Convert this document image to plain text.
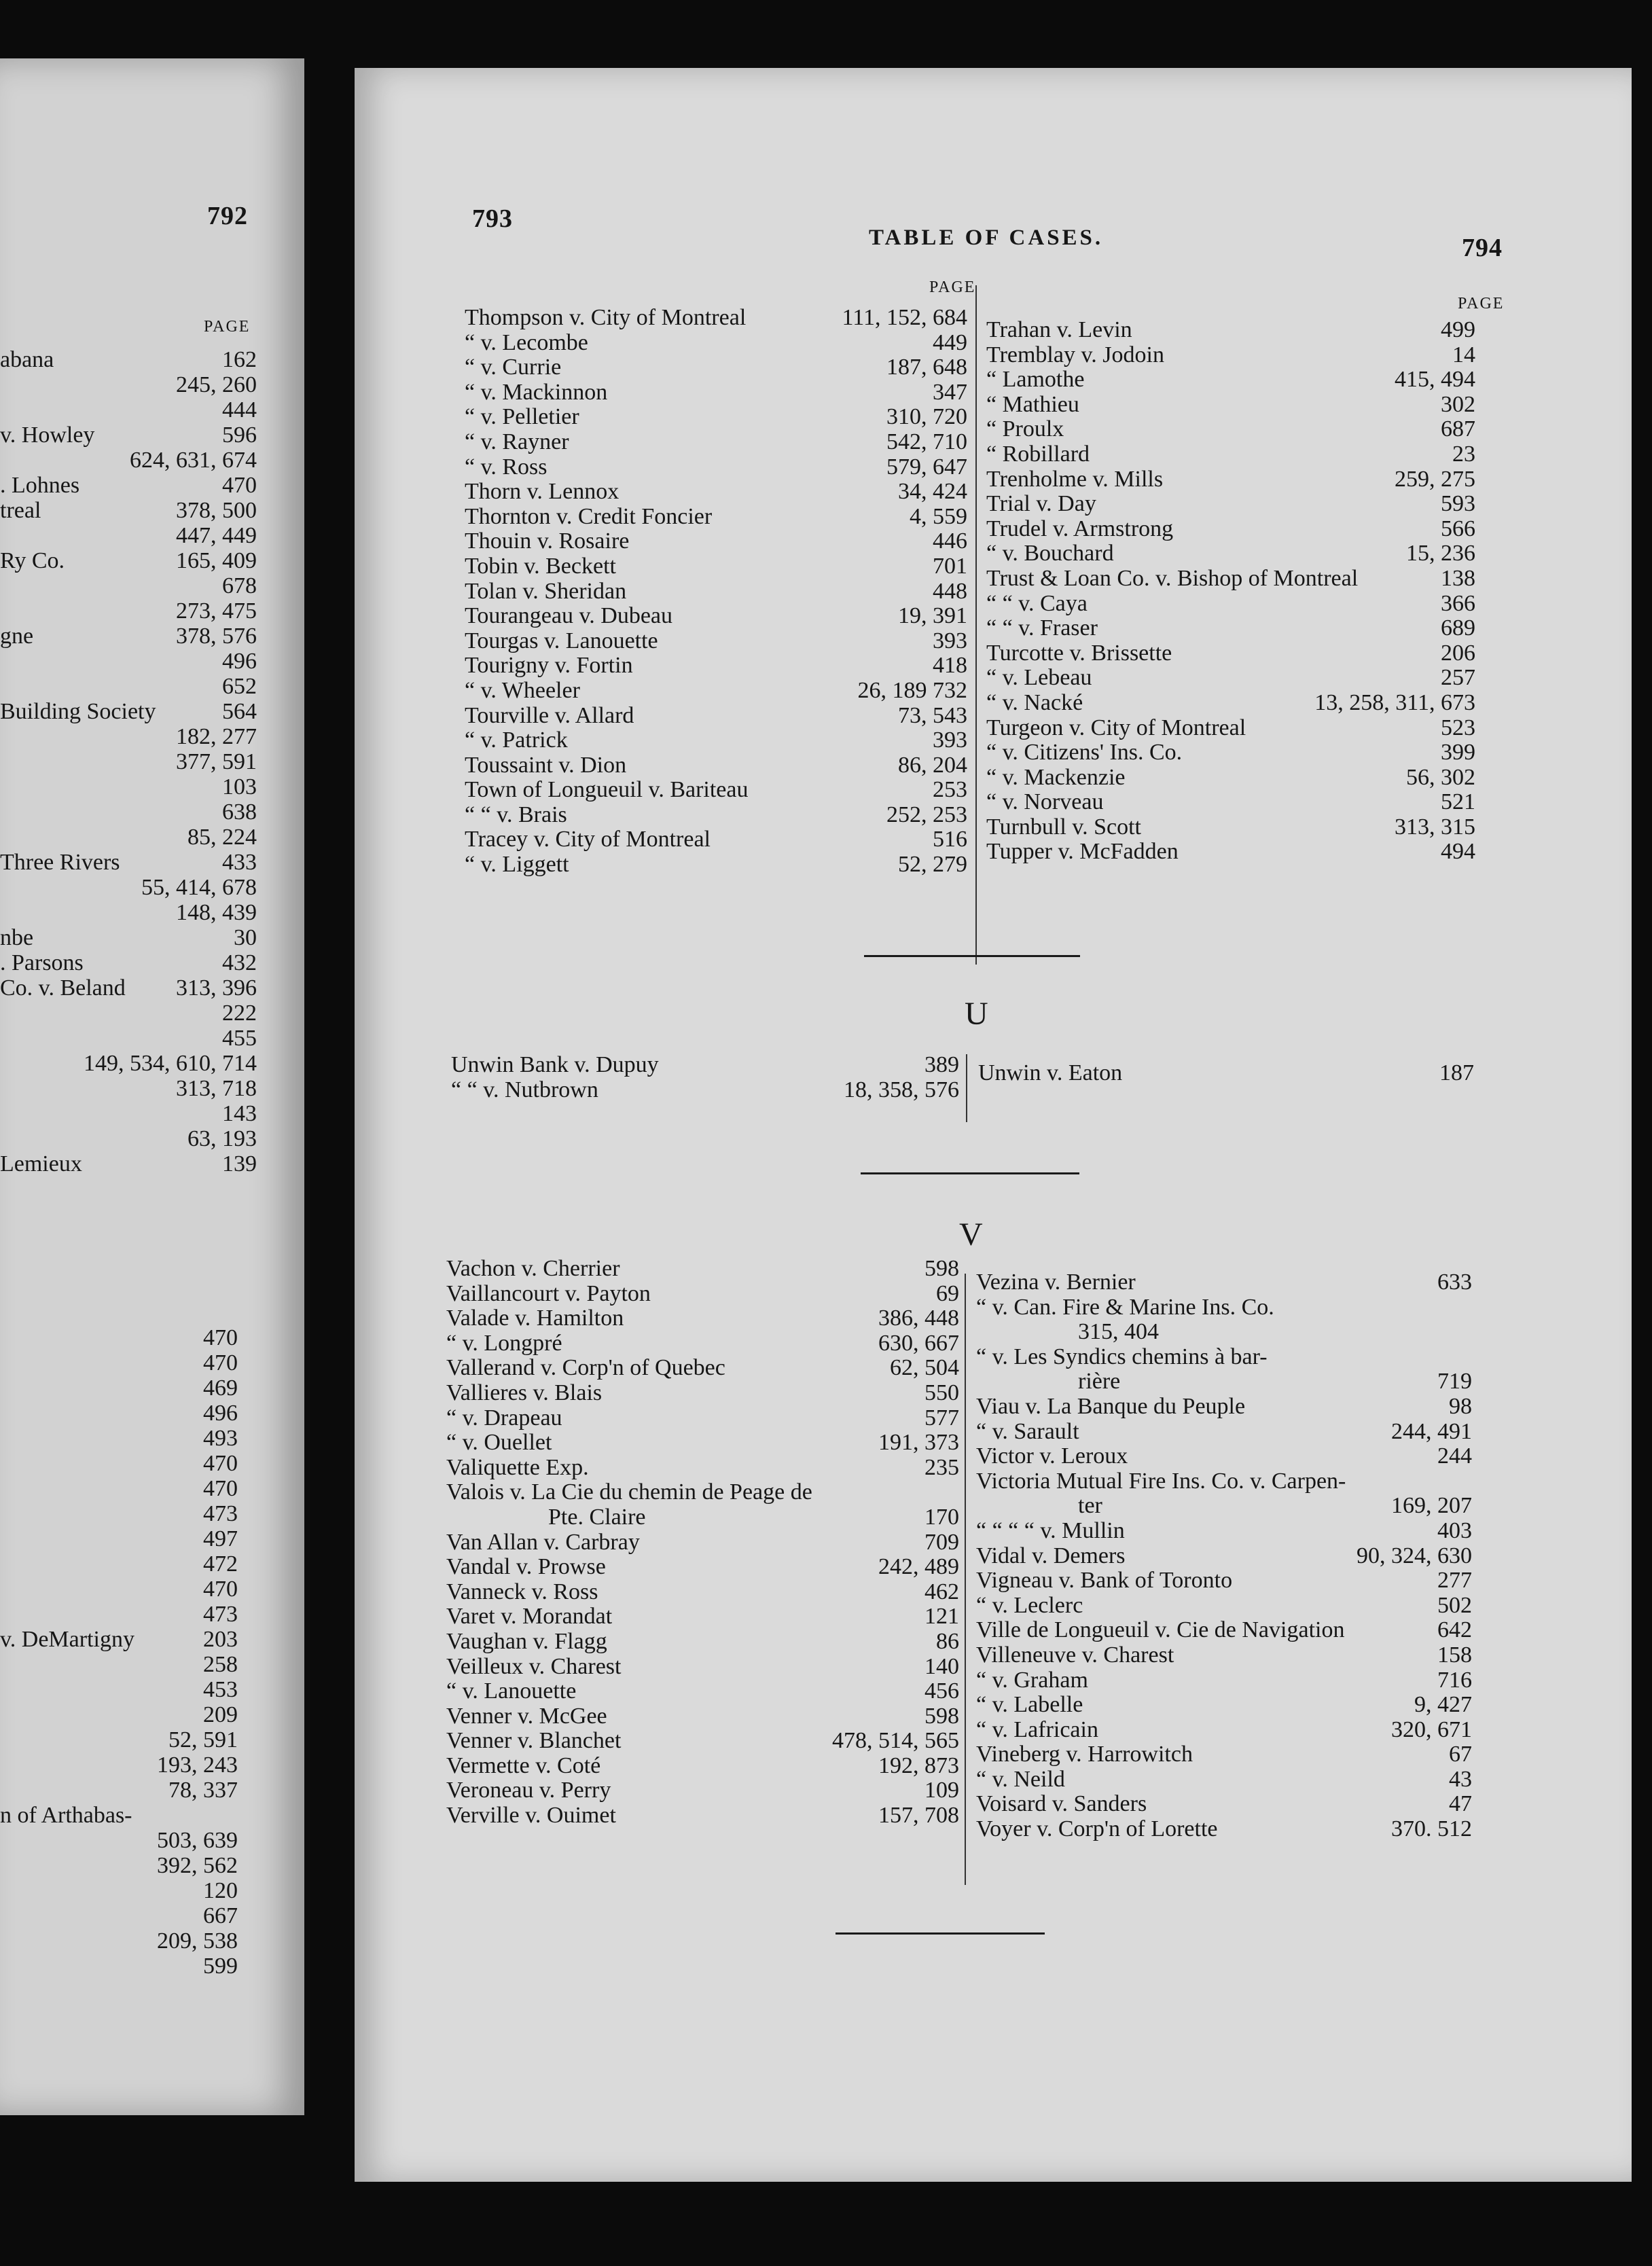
792
PAGE
abana	162
245, 260
444
v. Howley	596
624, 631, 674
. Lohnes	470
treal	378, 500
447, 449
Ry Co.	165, 409
678
273, 475
gne	378, 576
496
652
Building Society	564
182, 277
377, 591
103
638
85, 224
Three Rivers	433
55, 414, 678
148, 439
nbe	30
. Parsons	432
Co. v. Beland	313, 396
222
455
149, 534, 610, 714
313, 718
143
63, 193
Lemieux	139
470
470
469
496
493
470
470
473
497
472
470
473
v. DeMartigny	203
258
453
209
52, 591
193, 243
78, 337
n of Arthabas-
503, 639
392, 562
120
667
209, 538
599
793
TABLE OF CASES.	794
PAGE
PAGE
Thompson v. City of Montreal	111, 152, 684
“ v. Lecombe	449
“ v. Currie	187, 648
“ v. Mackinnon	347
“ v. Pelletier	310, 720
“ v. Rayner	542, 710
“ v. Ross	579, 647
Thorn v. Lennox	34, 424
Thornton v. Credit Foncier	4, 559
Thouin v. Rosaire	446
Tobin v. Beckett	701
Tolan v. Sheridan	448
Tourangeau v. Dubeau	19, 391
Tourgas v. Lanouette	393
Tourigny v. Fortin	418
“ v. Wheeler	26, 189 732
Tourville v. Allard	73, 543
“ v. Patrick	393
Toussaint v. Dion	86, 204
Town of Longueuil v. Bariteau	253
“ “ v. Brais	252, 253
Tracey v. City of Montreal	516
“ v. Liggett	52, 279
Trahan v. Levin	499
Tremblay v. Jodoin	14
“ Lamothe	415, 494
“ Mathieu	302
“ Proulx	687
“ Robillard	23
Trenholme v. Mills	259, 275
Trial v. Day	593
Trudel v. Armstrong	566
“ v. Bouchard	15, 236
Trust & Loan Co. v. Bishop of Montreal	138
“ “ v. Caya	366
“ “ v. Fraser	689
Turcotte v. Brissette	206
“ v. Lebeau	257
“ v. Nacké	13, 258, 311, 673
Turgeon v. City of Montreal	523
“ v. Citizens' Ins. Co.	399
“ v. Mackenzie	56, 302
“ v. Norveau	521
Turnbull v. Scott	313, 315
Tupper v. McFadden	494
U
Unwin Bank v. Dupuy	389
“ “ v. Nutbrown	18, 358, 576
Unwin v. Eaton	187
V
Vachon v. Cherrier	598
Vaillancourt v. Payton	69
Valade v. Hamilton	386, 448
“ v. Longpré	630, 667
Vallerand v. Corp'n of Quebec	62, 504
Vallieres v. Blais	550
“ v. Drapeau	577
“ v. Ouellet	191, 373
Valiquette Exp.	235
Valois v. La Cie du chemin de Peage de
Pte. Claire	170
Van Allan v. Carbray	709
Vandal v. Prowse	242, 489
Vanneck v. Ross	462
Varet v. Morandat	121
Vaughan v. Flagg	86
Veilleux v. Charest	140
“ v. Lanouette	456
Venner v. McGee	598
Venner v. Blanchet	478, 514, 565
Vermette v. Coté	192, 873
Veroneau v. Perry	109
Verville v. Ouimet	157, 708
Vezina v. Bernier	633
“ v. Can. Fire & Marine Ins. Co.
315, 404
“ v. Les Syndics chemins à bar-
rière	719
Viau v. La Banque du Peuple	98
“ v. Sarault	244, 491
Victor v. Leroux	244
Victoria Mutual Fire Ins. Co. v. Carpen-
ter	169, 207
“ “ “ “ v. Mullin	403
Vidal v. Demers	90, 324, 630
Vigneau v. Bank of Toronto	277
“ v. Leclerc	502
Ville de Longueuil v. Cie de Navigation	642
Villeneuve v. Charest	158
“ v. Graham	716
“ v. Labelle	9, 427
“ v. Lafricain	320, 671
Vineberg v. Harrowitch	67
“ v. Neild	43
Voisard v. Sanders	47
Voyer v. Corp'n of Lorette	370. 512
